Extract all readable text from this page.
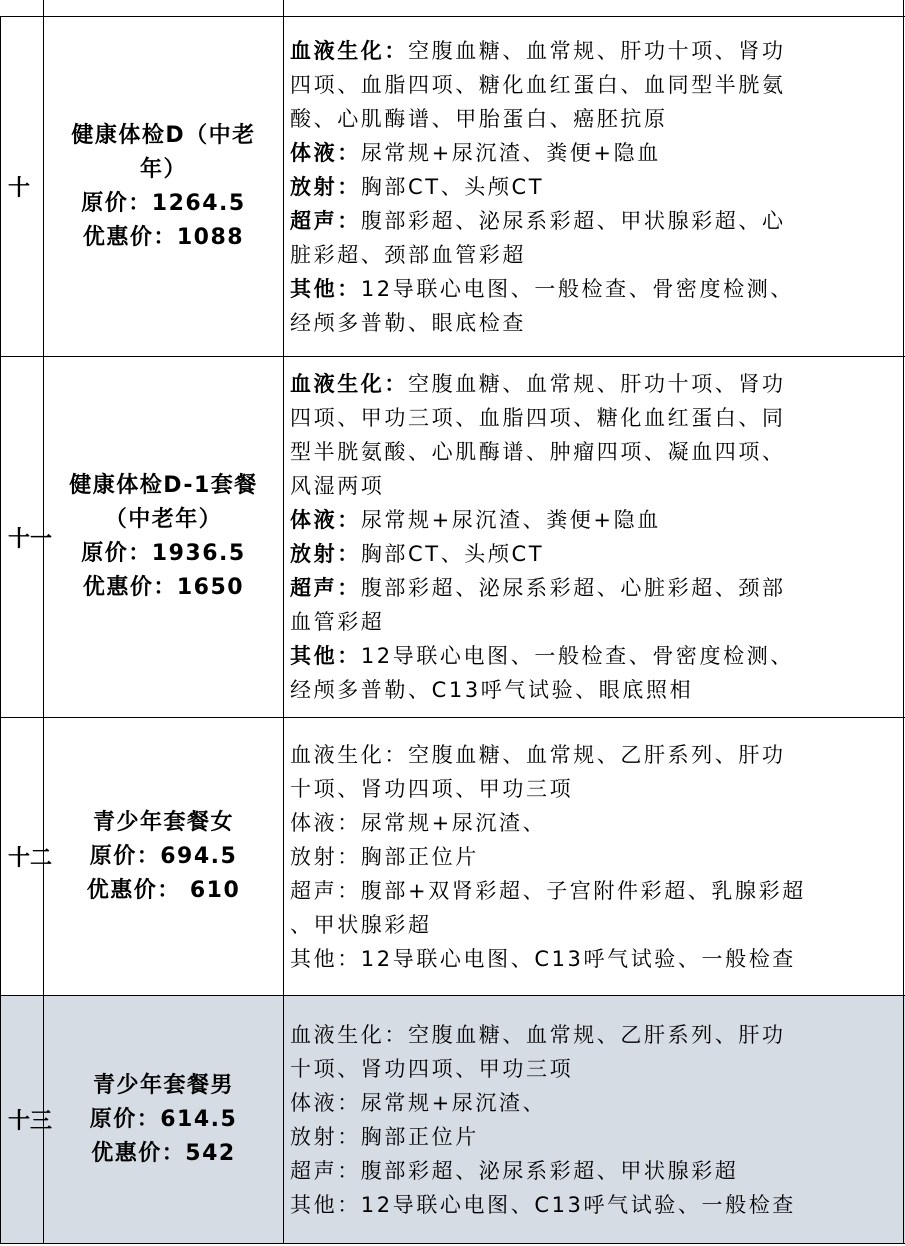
十
健康体检D（中老
年）
原价：1264.5
优惠价：1088
血液生化：空腹血糖、血常规、肝功十项、肾功
四项、血脂四项、糖化血红蛋白、血同型半胱氨
酸、心肌酶谱、甲胎蛋白、癌胚抗原
体液：尿常规+尿沉渣、粪便+隐血
放射：胸部CT、头颅CT
超声：腹部彩超、泌尿系彩超、甲状腺彩超、心
脏彩超、颈部血管彩超
其他：12导联心电图、一般检查、骨密度检测、
经颅多普勒、眼底检查
十一
健康体检D-1套餐
（中老年）
原价：1936.5
优惠价：1650
血液生化：空腹血糖、血常规、肝功十项、肾功
四项、甲功三项、血脂四项、糖化血红蛋白、同
型半胱氨酸、心肌酶谱、肿瘤四项、凝血四项、
风湿两项
体液：尿常规+尿沉渣、粪便+隐血
放射：胸部CT、头颅CT
超声：腹部彩超、泌尿系彩超、心脏彩超、颈部
血管彩超
其他：12导联心电图、一般检查、骨密度检测、
经颅多普勒、C13呼气试验、眼底照相
十二
青少年套餐女
原价：694.5
优惠价： 610
血液生化：空腹血糖、血常规、乙肝系列、肝功
十项、肾功四项、甲功三项
体液：尿常规+尿沉渣、
放射：胸部正位片
超声：腹部+双肾彩超、子宫附件彩超、乳腺彩超
、甲状腺彩超
其他：12导联心电图、C13呼气试验、一般检查
十三
青少年套餐男
原价：614.5
优惠价：542
血液生化：空腹血糖、血常规、乙肝系列、肝功
十项、肾功四项、甲功三项
体液：尿常规+尿沉渣、
放射：胸部正位片
超声：腹部彩超、泌尿系彩超、甲状腺彩超
其他：12导联心电图、C13呼气试验、一般检查
